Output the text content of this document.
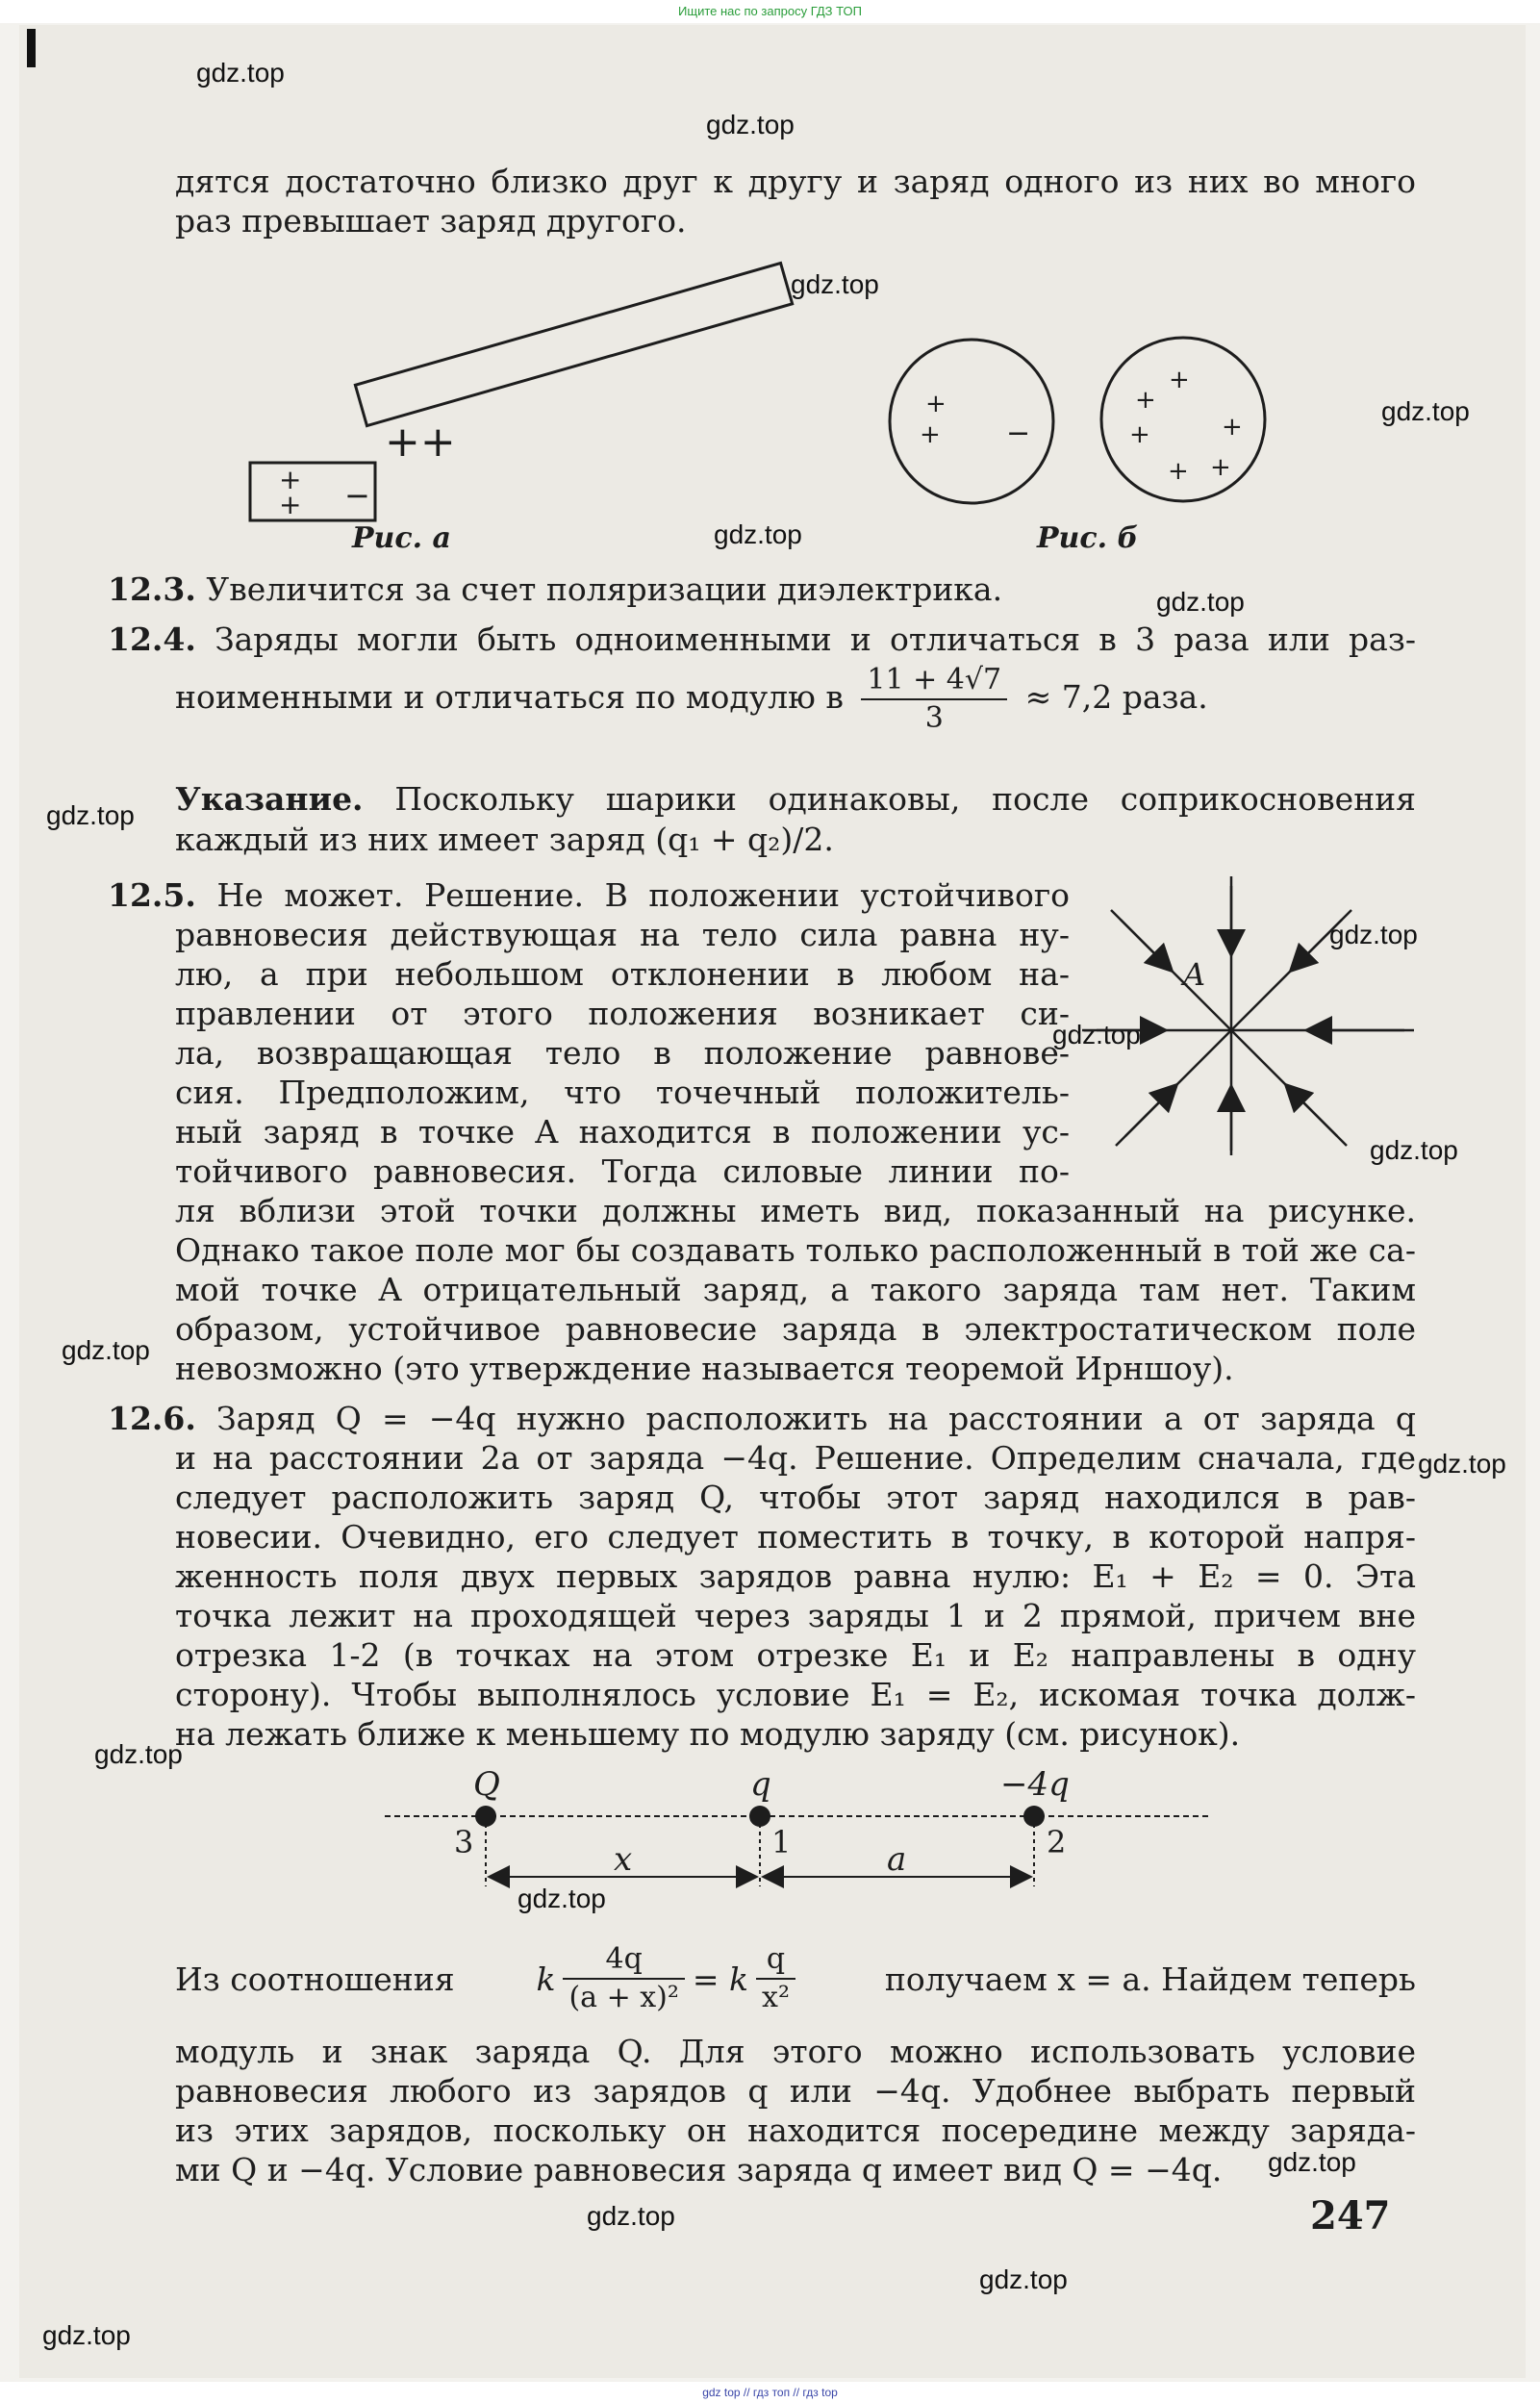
Ищите нас по запросу ГДЗ ТОП
gdz.top
gdz.top
gdz.top
gdz.top
gdz.top
gdz.top
gdz.top
gdz.top
gdz.top
gdz.top
gdz.top
gdz.top
gdz.top
gdz.top
gdz.top
gdz.top
gdz.top
gdz.top
дятся достаточно близко друг к другу и заряд одного из них во много раз превышает заряд другого.
+
+ −
++
Рис. а
+
+ −
+
+
+	+
+ +
Рис. б
12.3. Увеличится за счет поляризации диэлектрика.
12.4. Заряды могли быть одноименными и отличаться в 3 раза или раз-
ноименными и отличаться по модулю в $\frac{11 + 4√7}{3} \approx 7,2$ раза.
Указание. Поскольку шарики одинаковы, после соприкосновения
каждый из них имеет заряд (q₁ + q₂)/2.
12.5. Не может. Решение. В положении устойчивого
равновесия действующая на тело сила равна ну-
лю, а при небольшом отклонении в любом на-
правлении от этого положения возникает си-
ла, возвращающая тело в положение равнове-
сия. Предположим, что точечный положитель-
ный заряд в точке A находится в положении ус-
тойчивого равновесия. Тогда силовые линии по-
ля вблизи этой точки должны иметь вид, показанный на рисунке.
Однако такое поле мог бы создавать только расположенный в той же са-
мой точке A отрицательный заряд, а такого заряда там нет. Таким
образом, устойчивое равновесие заряда в электростатическом поле
невозможно (это утверждение называется теоремой Ирншоу).
A
12.6. Заряд Q = −4q нужно расположить на расстоянии a от заряда q
и на расстоянии 2a от заряда −4q. Решение. Определим сначала, где
следует расположить заряд Q, чтобы этот заряд находился в рав-
новесии. Очевидно, его следует поместить в точку, в которой напря-
женность поля двух первых зарядов равна нулю: E₁ + E₂ = 0. Эта
точка лежит на проходящей через заряды 1 и 2 прямой, причем вне
отрезка 1-2 (в точках на этом отрезке E₁ и E₂ направлены в одну
сторону). Чтобы выполнялось условие E₁ = E₂, искомая точка долж-
на лежать ближе к меньшему по модулю заряду (см. рисунок).
Q	q	−4q
3	1	2
x	a
Из соотношения	k $\frac{4q}{\text{(a + x)²}} = k \frac{q}{\text{x²}}$	получаем x = a. Найдем теперь
модуль и знак заряда Q. Для этого можно использовать условие
равновесия любого из зарядов q или −4q. Удобнее выбрать первый
из этих зарядов, поскольку он находится посередине между заряда-
ми Q и −4q. Условие равновесия заряда q имеет вид Q = −4q.
247
gdz top // гдз топ // гдз top
